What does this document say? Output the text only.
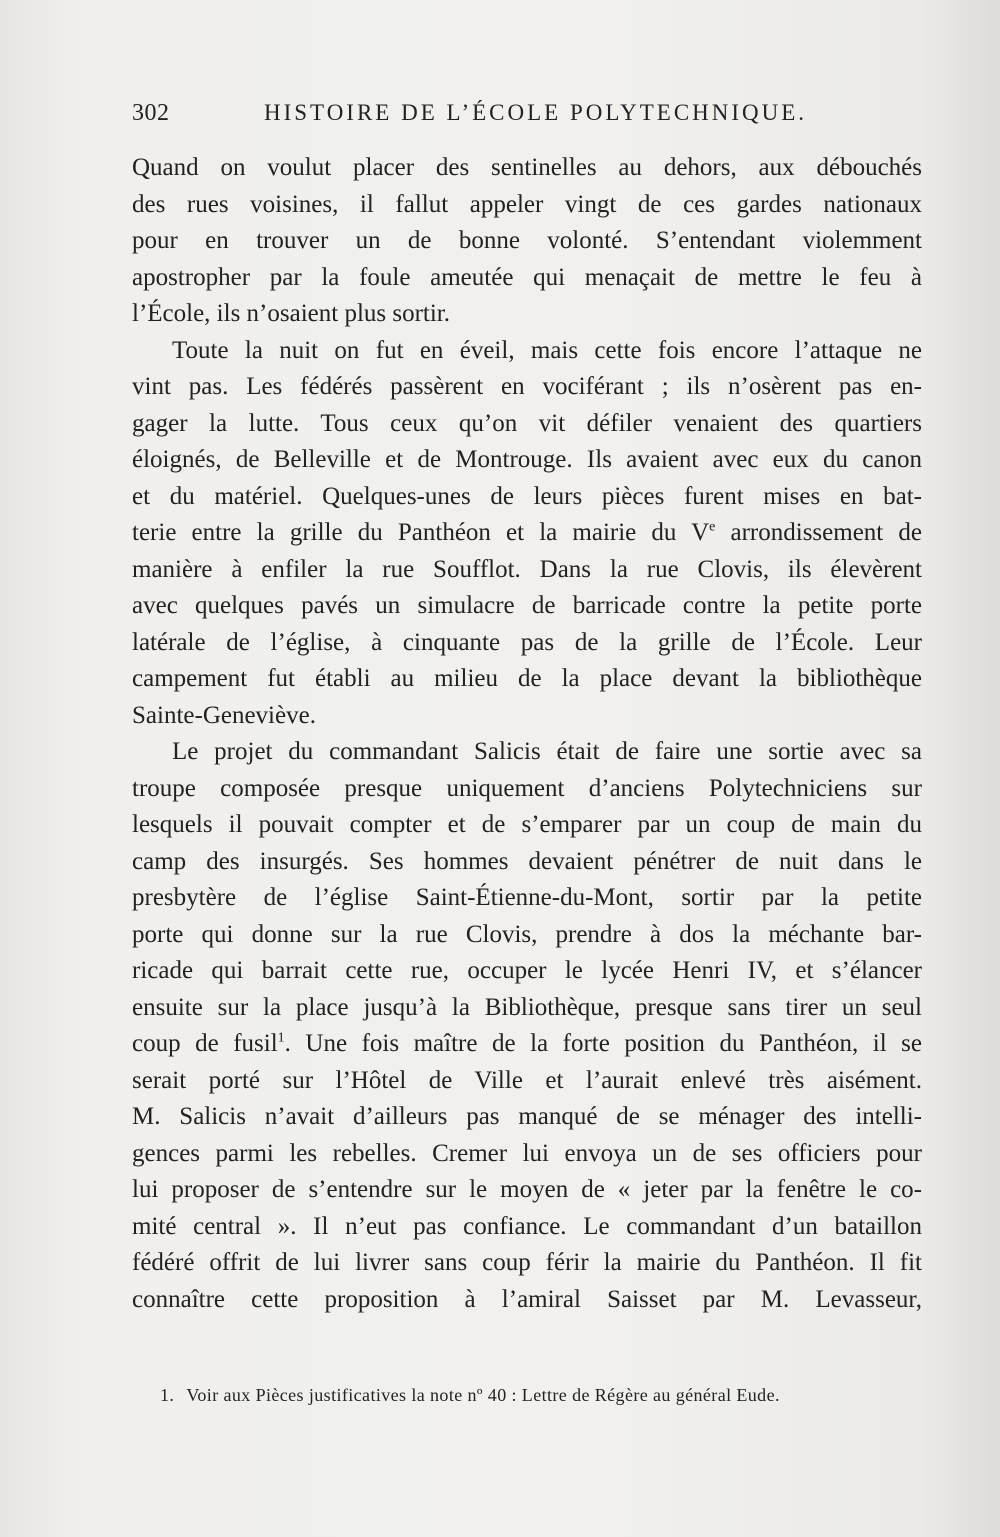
302	HISTOIRE DE L’ÉCOLE POLYTECHNIQUE.
Quand on voulut placer des sentinelles au dehors, aux débouchés
des rues voisines, il fallut appeler vingt de ces gardes nationaux
pour en trouver un de bonne volonté. S’entendant violemment
apostropher par la foule ameutée qui menaçait de mettre le feu à
l’École, ils n’osaient plus sortir.
Toute la nuit on fut en éveil, mais cette fois encore l’attaque ne
vint pas. Les fédérés passèrent en vociférant ; ils n’osèrent pas en-
gager la lutte. Tous ceux qu’on vit défiler venaient des quartiers
éloignés, de Belleville et de Montrouge. Ils avaient avec eux du canon
et du matériel. Quelques-unes de leurs pièces furent mises en bat-
terie entre la grille du Panthéon et la mairie du Ve arrondissement de
manière à enfiler la rue Soufflot. Dans la rue Clovis, ils élevèrent
avec quelques pavés un simulacre de barricade contre la petite porte
latérale de l’église, à cinquante pas de la grille de l’École. Leur
campement fut établi au milieu de la place devant la bibliothèque
Sainte-Geneviève.
Le projet du commandant Salicis était de faire une sortie avec sa
troupe composée presque uniquement d’anciens Polytechniciens sur
lesquels il pouvait compter et de s’emparer par un coup de main du
camp des insurgés. Ses hommes devaient pénétrer de nuit dans le
presbytère de l’église Saint-Étienne-du-Mont, sortir par la petite
porte qui donne sur la rue Clovis, prendre à dos la méchante bar-
ricade qui barrait cette rue, occuper le lycée Henri IV, et s’élancer
ensuite sur la place jusqu’à la Bibliothèque, presque sans tirer un seul
coup de fusil$^1$. Une fois maître de la forte position du Panthéon, il se
serait porté sur l’Hôtel de Ville et l’aurait enlevé très aisément.
M. Salicis n’avait d’ailleurs pas manqué de se ménager des intelli-
gences parmi les rebelles. Cremer lui envoya un de ses officiers pour
lui proposer de s’entendre sur le moyen de « jeter par la fenêtre le co-
mité central ». Il n’eut pas confiance. Le commandant d’un bataillon
fédéré offrit de lui livrer sans coup férir la mairie du Panthéon. Il fit
connaître cette proposition à l’amiral Saisset par M. Levasseur,
1. Voir aux Pièces justificatives la note nº 40 : Lettre de Régère au général Eude.
